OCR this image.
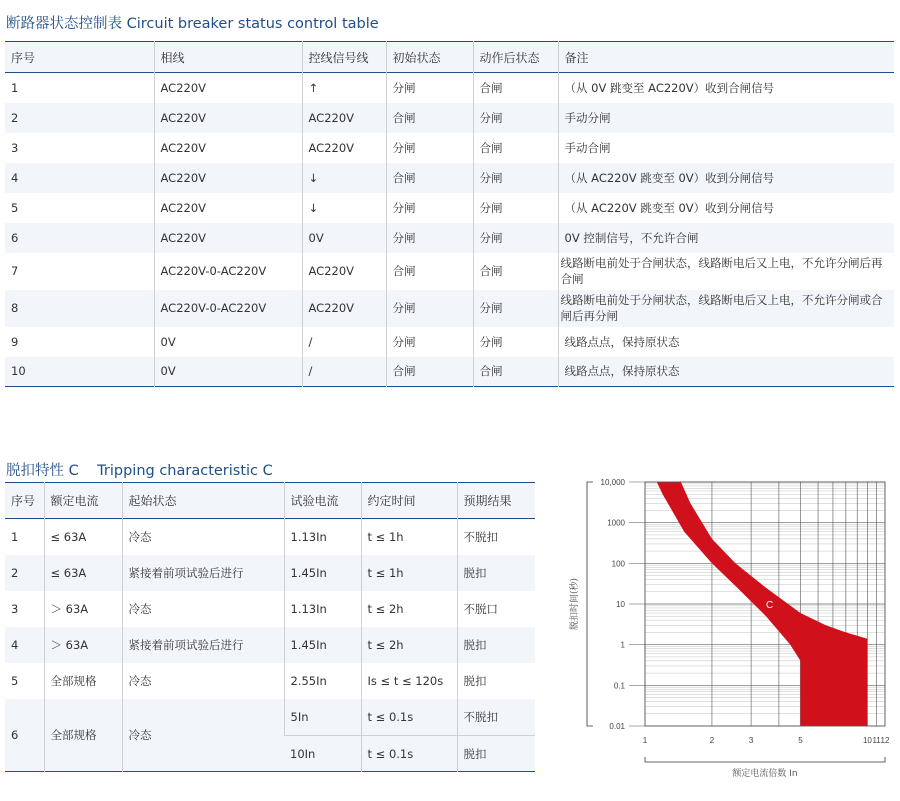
断路器状态控制表 Circuit breaker status control table
序号	相线	控线信号线	初始状态	动作后状态	备注
1	AC220V	↑	分闸	合闸	（从 0V 跳变至 AC220V）收到合闸信号
2	AC220V	AC220V	合闸	分闸	手动分闸
3	AC220V	AC220V	分闸	合闸	手动合闸
4	AC220V	↓	合闸	分闸	（从 AC220V 跳变至 0V）收到分闸信号
5	AC220V	↓	分闸	分闸	（从 AC220V 跳变至 0V）收到分闸信号
6	AC220V	0V	分闸	分闸	0V 控制信号，不允许合闸
7	AC220V-0-AC220V	AC220V	合闸	合闸	线路断电前处于合闸状态，线路断电后又上电，不允许分闸后再合闸
8	AC220V-0-AC220V	AC220V	分闸	分闸	线路断电前处于分闸状态，线路断电后又上电，不允许分闸或合闸后再分闸
9	0V	/	分闸	分闸	线路点点，保持原状态
10	0V	/	合闸	合闸	线路点点，保持原状态
脱扣特性 C    Tripping characteristic C
序号	额定电流	起始状态	试验电流	约定时间	预期结果
1	≤ 63A	冷态	1.13In	t ≤ 1h	不脱扣
2	≤ 63A	紧接着前项试验后进行	1.45In	t ≤ 1h	脱扣
3	＞ 63A	冷态	1.13In	t ≤ 2h	不脱口
4	＞ 63A	紧接着前项试验后进行	1.45In	t ≤ 2h	脱扣
5	全部规格	冷态	2.55In	Is ≤ t ≤ 120s	脱扣
6	全部规格	冷态	5In	t ≤ 0.1s	不脱扣
			10In	t ≤ 0.1s	脱扣
10,000
1000
100
10
1
0.1
0.01
1	2	3	5	10 11 12
C
脱扣时间(秒)
额定电流倍数 In
